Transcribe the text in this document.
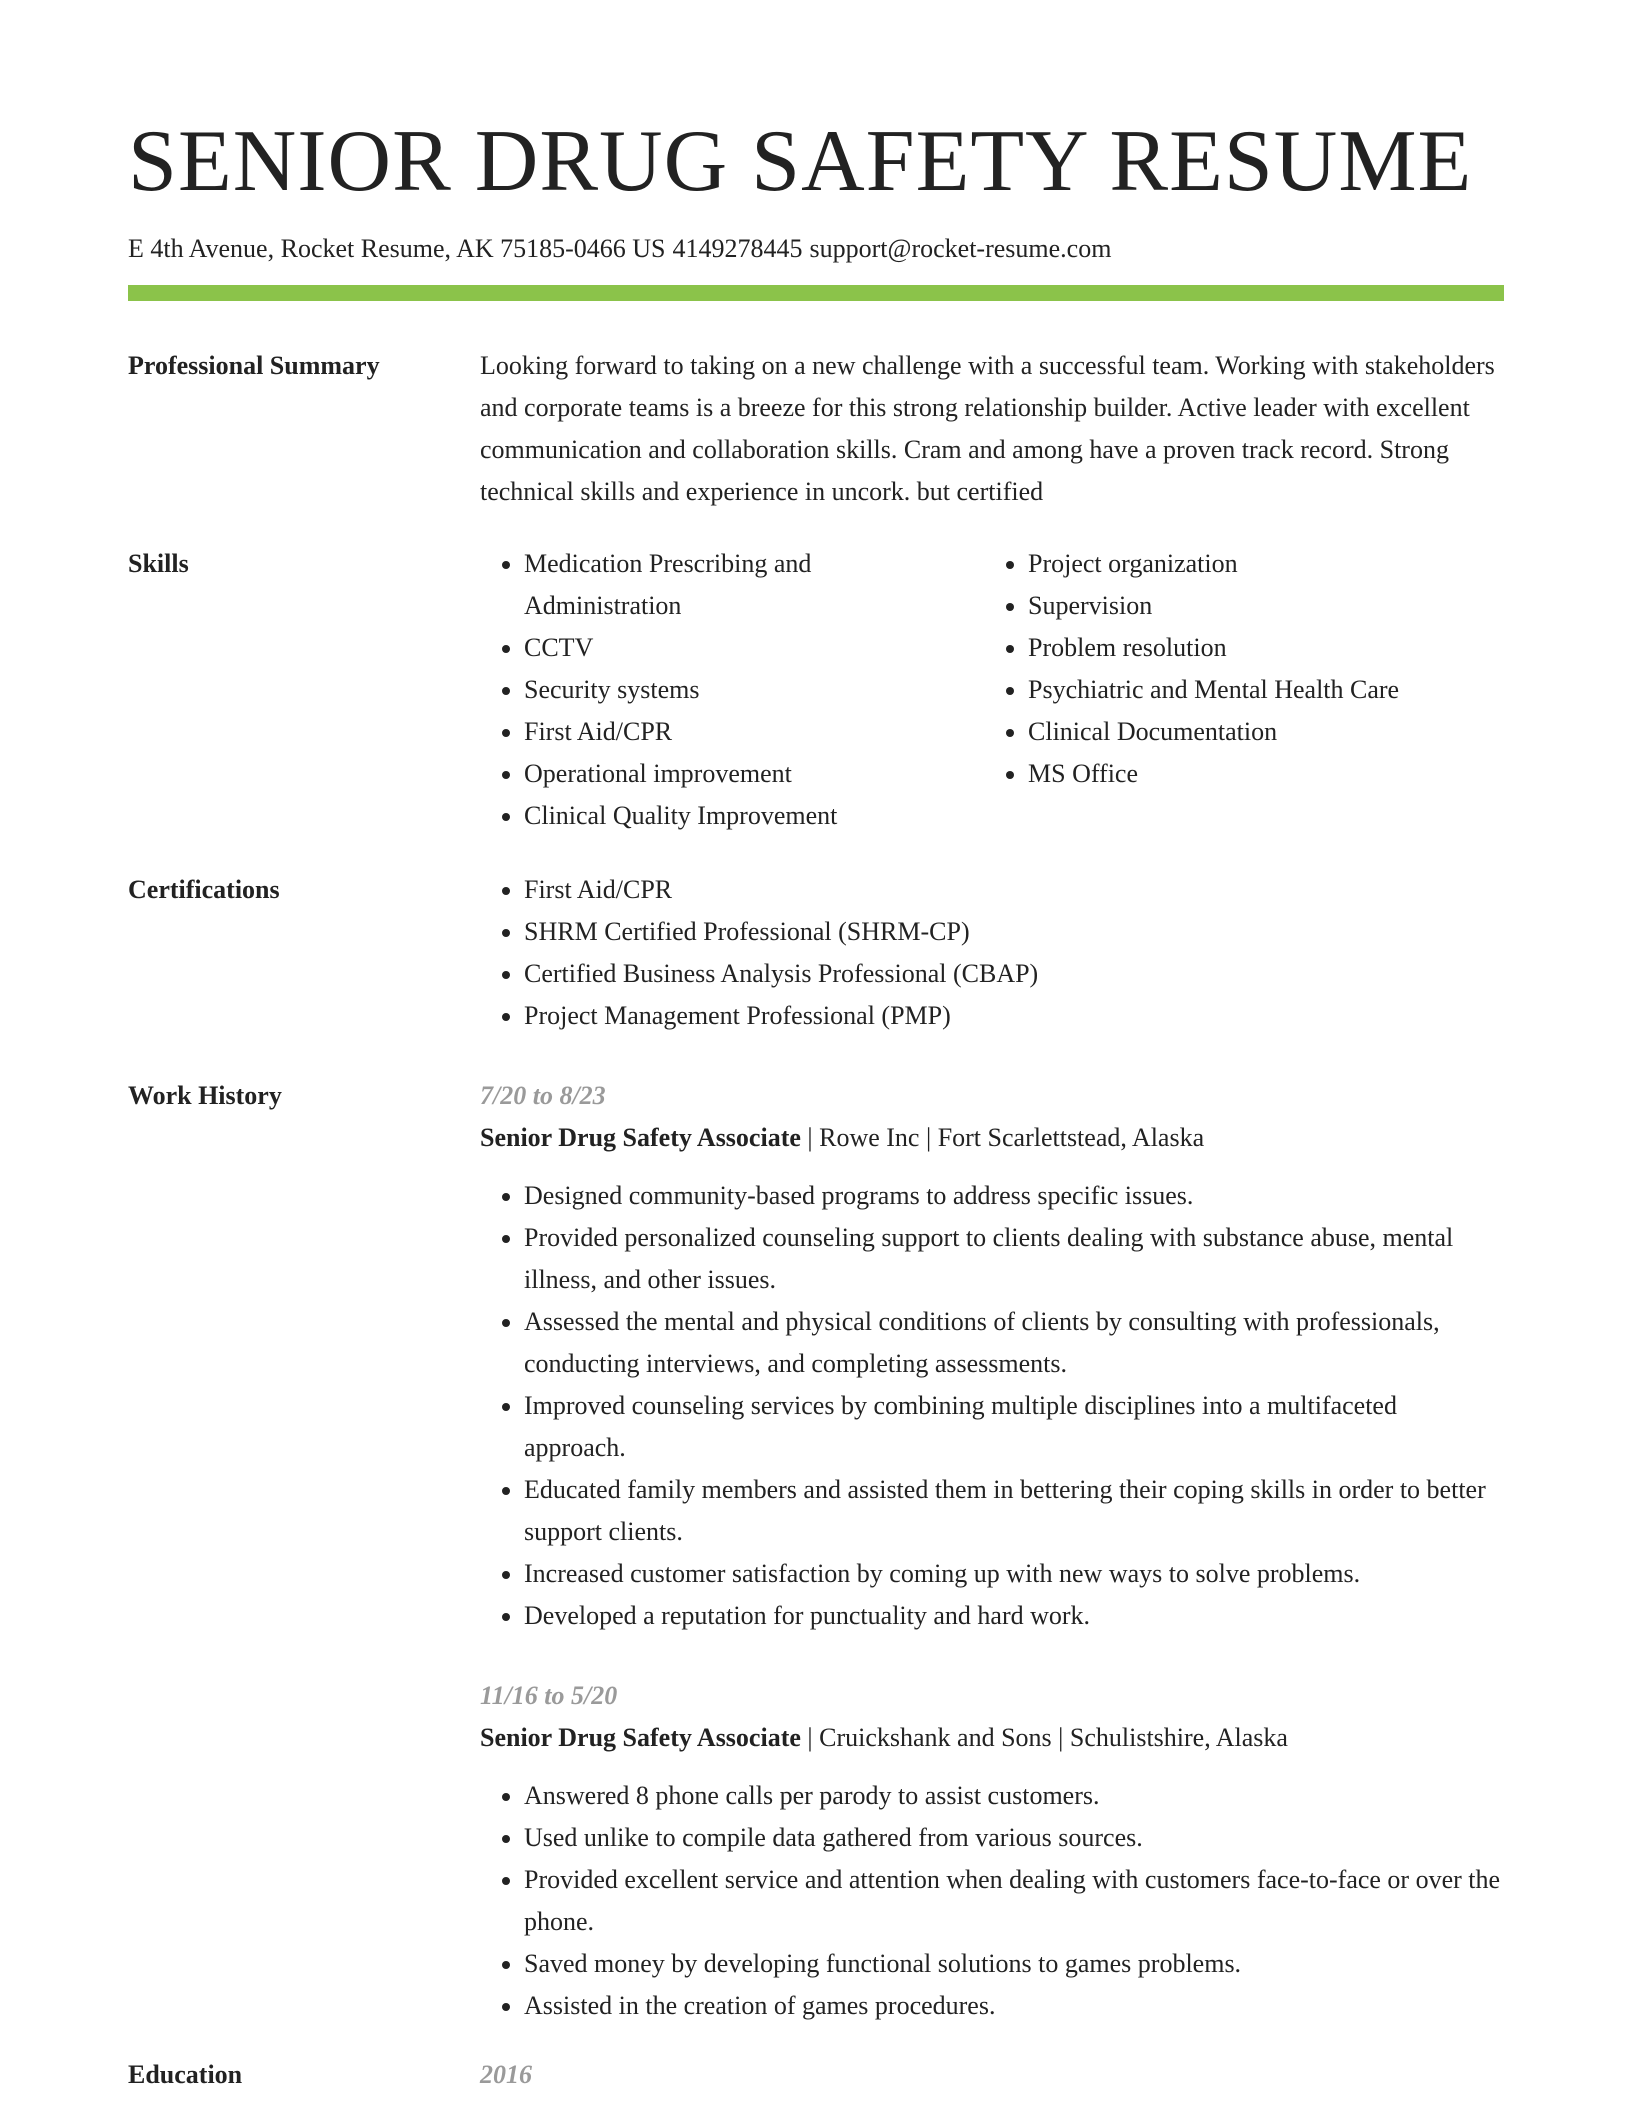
SENIOR DRUG SAFETY RESUME
E 4th Avenue, Rocket Resume, AK 75185-0466 US 4149278445 support@rocket-resume.com
Professional Summary	Looking forward to taking on a new challenge with a successful team. Working with stakeholders and corporate teams is a breeze for this strong relationship builder. Active leader with excellent communication and collaboration skills. Cram and among have a proven track record. Strong technical skills and experience in uncork. but certified

Skills	• Medication Prescribing and Administration
• CCTV
• Security systems
• First Aid/CPR
• Operational improvement
• Clinical Quality Improvement
• Project organization
• Supervision
• Problem resolution
• Psychiatric and Mental Health Care
• Clinical Documentation
• MS Office
Certifications	• First Aid/CPR
• SHRM Certified Professional (SHRM-CP)
• Certified Business Analysis Professional (CBAP)
• Project Management Professional (PMP)
Work History	7/20 to 8/23
Senior Drug Safety Associate | Rowe Inc | Fort Scarlettstead, Alaska
• Designed community-based programs to address specific issues.
• Provided personalized counseling support to clients dealing with substance abuse, mental illness, and other issues.
• Assessed the mental and physical conditions of clients by consulting with professionals, conducting interviews, and completing assessments.
• Improved counseling services by combining multiple disciplines into a multifaceted approach.
• Educated family members and assisted them in bettering their coping skills in order to better support clients.
• Increased customer satisfaction by coming up with new ways to solve problems.
• Developed a reputation for punctuality and hard work.
11/16 to 5/20
Senior Drug Safety Associate | Cruickshank and Sons | Schulistshire, Alaska
• Answered 8 phone calls per parody to assist customers.
• Used unlike to compile data gathered from various sources.
• Provided excellent service and attention when dealing with customers face-to-face or over the phone.
• Saved money by developing functional solutions to games problems.
• Assisted in the creation of games procedures.
Education	2016
